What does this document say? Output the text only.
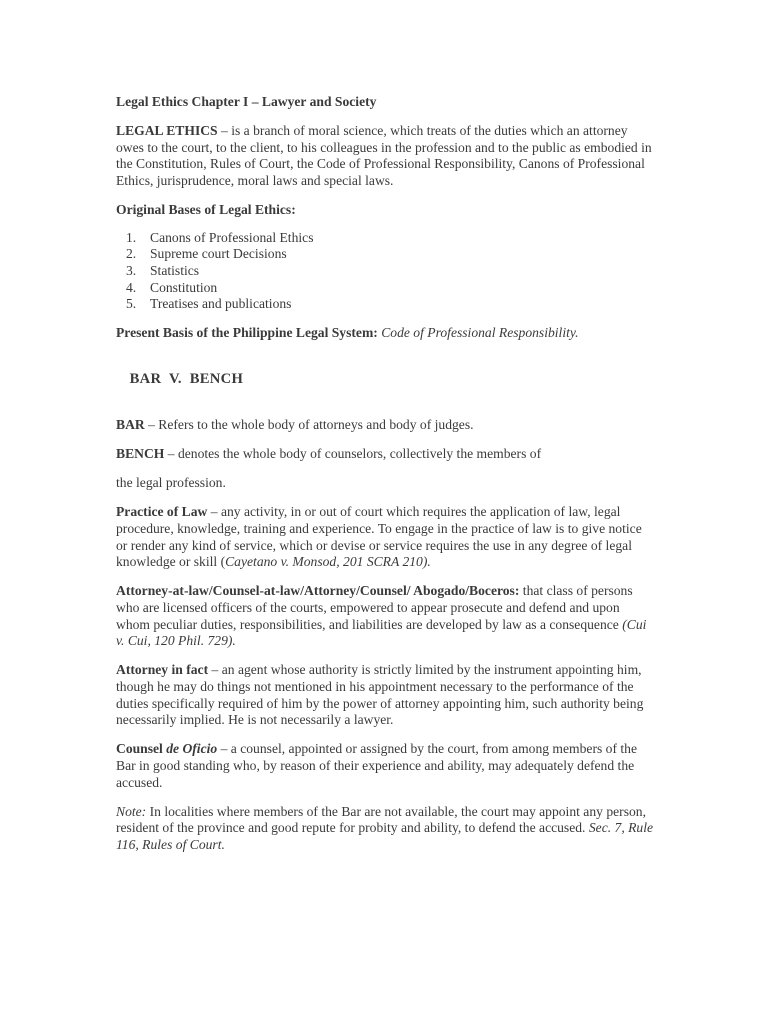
Legal Ethics Chapter I – Lawyer and Society

LEGAL ETHICS – is a branch of moral science, which treats of the duties which an attorney owes to the court, to the client, to his colleagues in the profession and to the public as embodied in the Constitution, Rules of Court, the Code of Professional Responsibility, Canons of Professional Ethics, jurisprudence, moral laws and special laws.

Original Bases of Legal Ethics:

1. Canons of Professional Ethics
2. Supreme court Decisions
3. Statistics
4. Constitution
5. Treatises and publications

Present Basis of the Philippine Legal System: Code of Professional Responsibility.

BAR  V.  BENCH

BAR – Refers to the whole body of attorneys and body of judges.

BENCH – denotes the whole body of counselors, collectively the members of

the legal profession.

Practice of Law – any activity, in or out of court which requires the application of law, legal procedure, knowledge, training and experience. To engage in the practice of law is to give notice or render any kind of service, which or devise or service requires the use in any degree of legal knowledge or skill (Cayetano v. Monsod, 201 SCRA 210).

Attorney-at-law/Counsel-at-law/Attorney/Counsel/ Abogado/Boceros: that class of persons who are licensed officers of the courts, empowered to appear prosecute and defend and upon whom peculiar duties, responsibilities, and liabilities are developed by law as a consequence (Cui v. Cui, 120 Phil. 729).

Attorney in fact – an agent whose authority is strictly limited by the instrument appointing him, though he may do things not mentioned in his appointment necessary to the performance of the duties specifically required of him by the power of attorney appointing him, such authority being necessarily implied. He is not necessarily a lawyer.

Counsel de Oficio – a counsel, appointed or assigned by the court, from among members of the Bar in good standing who, by reason of their experience and ability, may adequately defend the accused.

Note: In localities where members of the Bar are not available, the court may appoint any person, resident of the province and good repute for probity and ability, to defend the accused. Sec. 7, Rule 116, Rules of Court.
